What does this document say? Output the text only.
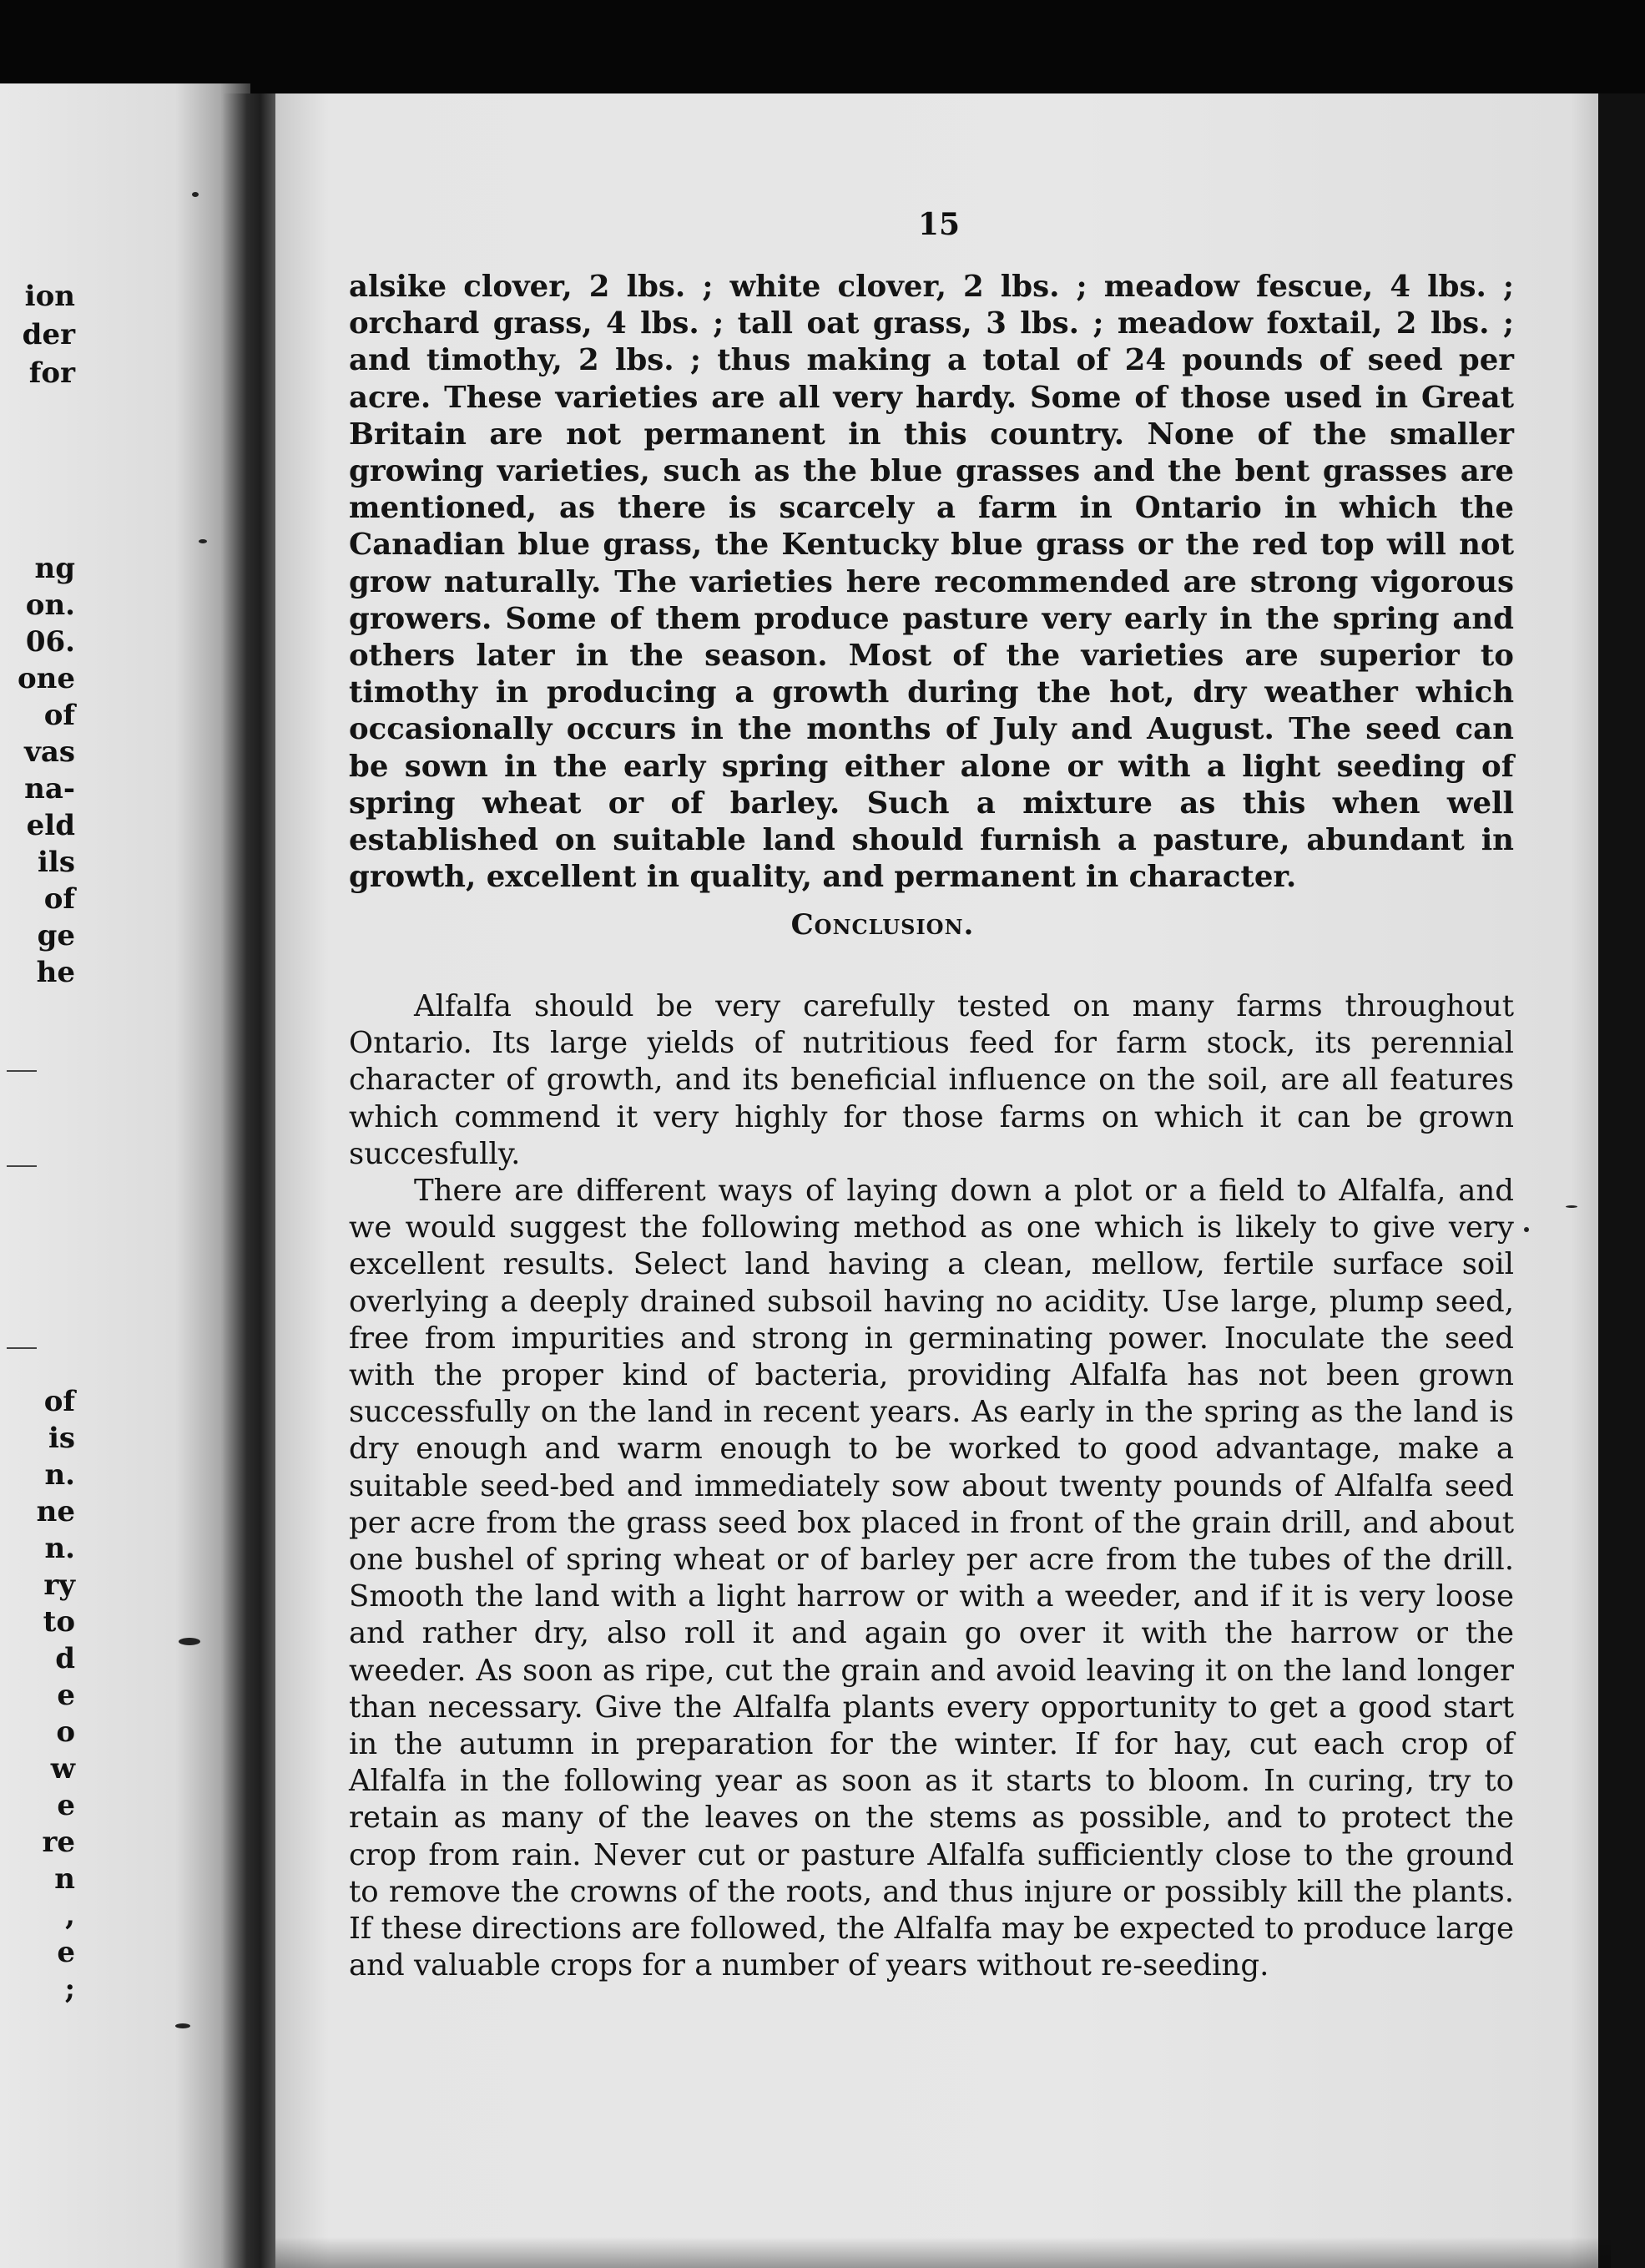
ion
der
for
ng
on.
06.
one
of
vas
na-
eld
ils
of
ge
he
of
is
n.
ne
n.
ry
to
d
e
o
w
e
re
n
,
e
;
15

alsike clover, 2 lbs. ; white clover, 2 lbs. ; meadow fescue, 4 lbs. ; orchard grass, 4 lbs. ; tall oat grass, 3 lbs. ; meadow foxtail, 2 lbs. ; and timothy, 2 lbs. ; thus making a total of 24 pounds of seed per acre. These varieties are all very hardy. Some of those used in Great Britain are not permanent in this country. None of the smaller growing varieties, such as the blue grasses and the bent grasses are mentioned, as there is scarcely a farm in Ontario in which the Canadian blue grass, the Kentucky blue grass or the red top will not grow naturally. The varieties here recommended are strong vigorous growers. Some of them produce pasture very early in the spring and others later in the season. Most of the varieties are superior to timothy in producing a growth during the hot, dry weather which occasionally occurs in the months of July and August. The seed can be sown in the early spring either alone or with a light seeding of spring wheat or of barley. Such a mixture as this when well established on suitable land should furnish a pasture, abundant in growth, excellent in quality, and permanent in character.

Conclusion.

Alfalfa should be very carefully tested on many farms throughout Ontario. Its large yields of nutritious feed for farm stock, its perennial character of growth, and its beneficial influence on the soil, are all features which commend it very highly for those farms on which it can be grown succesfully.

There are different ways of laying down a plot or a field to Alfalfa, and we would suggest the following method as one which is likely to give very excellent results. Select land having a clean, mellow, fertile surface soil overlying a deeply drained subsoil having no acidity. Use large, plump seed, free from impurities and strong in germinating power. Inoculate the seed with the proper kind of bacteria, providing Alfalfa has not been grown successfully on the land in recent years. As early in the spring as the land is dry enough and warm enough to be worked to good advantage, make a suitable seed-bed and immediately sow about twenty pounds of Alfalfa seed per acre from the grass seed box placed in front of the grain drill, and about one bushel of spring wheat or of barley per acre from the tubes of the drill. Smooth the land with a light harrow or with a weeder, and if it is very loose and rather dry, also roll it and again go over it with the harrow or the weeder. As soon as ripe, cut the grain and avoid leaving it on the land longer than necessary. Give the Alfalfa plants every opportunity to get a good start in the autumn in preparation for the winter. If for hay, cut each crop of Alfalfa in the following year as soon as it starts to bloom. In curing, try to retain as many of the leaves on the stems as possible, and to protect the crop from rain. Never cut or pasture Alfalfa sufficiently close to the ground to remove the crowns of the roots, and thus injure or possibly kill the plants. If these directions are followed, the Alfalfa may be expected to produce large and valuable crops for a number of years without re-seeding.
